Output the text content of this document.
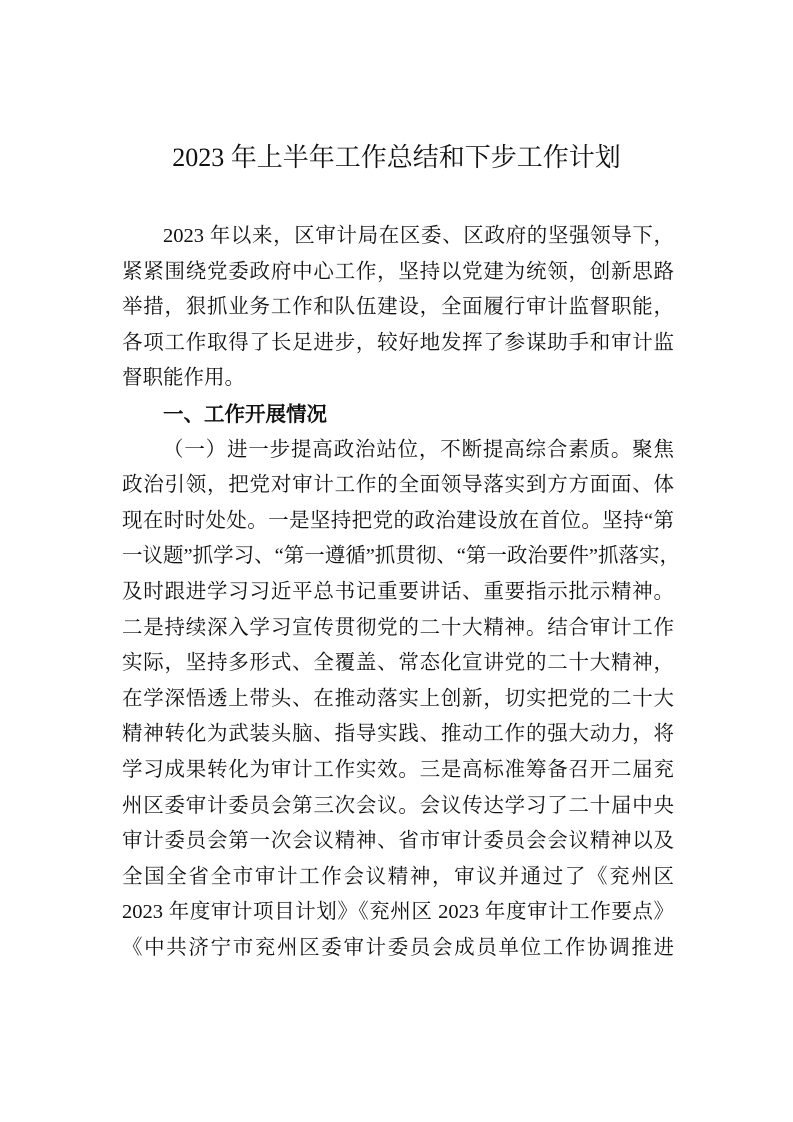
2023 年上半年工作总结和下步工作计划
2023 年以来，区审计局在区委、区政府的坚强领导下，
紧紧围绕党委政府中心工作，坚持以党建为统领，创新思路
举措，狠抓业务工作和队伍建设，全面履行审计监督职能，
各项工作取得了长足进步，较好地发挥了参谋助手和审计监
督职能作用。
一、工作开展情况
（一）进一步提高政治站位，不断提高综合素质。聚焦
政治引领，把党对审计工作的全面领导落实到方方面面、体
现在时时处处。一是坚持把党的政治建设放在首位。坚持“第
一议题”抓学习、“第一遵循”抓贯彻、“第一政治要件”抓落实，
及时跟进学习习近平总书记重要讲话、重要指示批示精神。
二是持续深入学习宣传贯彻党的二十大精神。结合审计工作
实际，坚持多形式、全覆盖、常态化宣讲党的二十大精神，
在学深悟透上带头、在推动落实上创新，切实把党的二十大
精神转化为武装头脑、指导实践、推动工作的强大动力，将
学习成果转化为审计工作实效。三是高标准筹备召开二届兖
州区委审计委员会第三次会议。会议传达学习了二十届中央
审计委员会第一次会议精神、省市审计委员会会议精神以及
全国全省全市审计工作会议精神，审议并通过了《兖州区
2023 年度审计项目计划》《兖州区 2023 年度审计工作要点》
《中共济宁市兖州区委审计委员会成员单位工作协调推进
